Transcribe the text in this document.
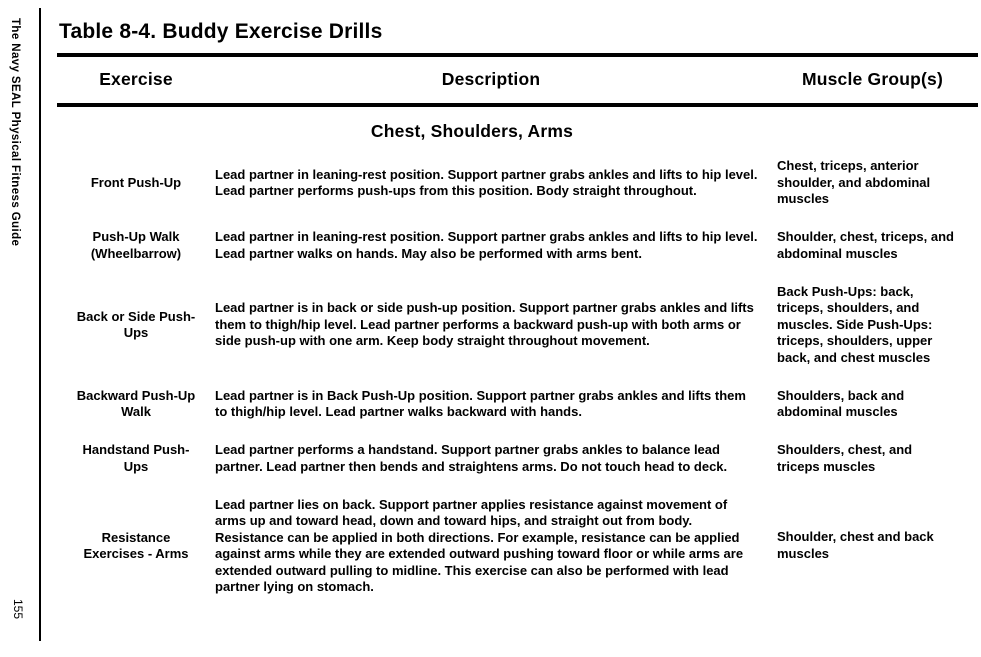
The Navy SEAL Physical Fitness Guide
155
Table 8-4. Buddy Exercise Drills
Exercise	Description	Muscle Group(s)
Chest, Shoulders, Arms
Front Push-Up
Lead partner in leaning-rest position. Support partner grabs ankles and lifts to hip level. Lead partner performs push-ups from this position. Body straight throughout.
Chest, triceps, anterior shoulder, and abdominal muscles
Push-Up Walk (Wheelbarrow)
Lead partner in leaning-rest position. Support partner grabs ankles and lifts to hip level. Lead partner walks on hands. May also be performed with arms bent.
Shoulder, chest, triceps, and abdominal muscles
Back or Side Push-Ups
Lead partner is in back or side push-up position. Support partner grabs ankles and lifts them to thigh/hip level. Lead partner performs a backward push-up with both arms or side push-up with one arm. Keep body straight throughout movement.
Back Push-Ups: back, triceps, shoulders, and muscles. Side Push-Ups: triceps, shoulders, upper back, and chest muscles
Backward Push-Up Walk
Lead partner is in Back Push-Up position. Support partner grabs ankles and lifts them to thigh/hip level. Lead partner walks backward with hands.
Shoulders, back and abdominal muscles
Handstand Push-Ups
Lead partner performs a handstand. Support partner grabs ankles to balance lead partner. Lead partner then bends and straightens arms. Do not touch head to deck.
Shoulders, chest, and triceps muscles
Resistance Exercises - Arms
Lead partner lies on back. Support partner applies resistance against movement of arms up and toward head, down and toward hips, and straight out from body. Resistance can be applied in both directions. For example, resistance can be applied against arms while they are extended outward pushing toward floor or while arms are extended outward pulling to midline. This exercise can also be performed with lead partner lying on stomach.
Shoulder, chest and back muscles
